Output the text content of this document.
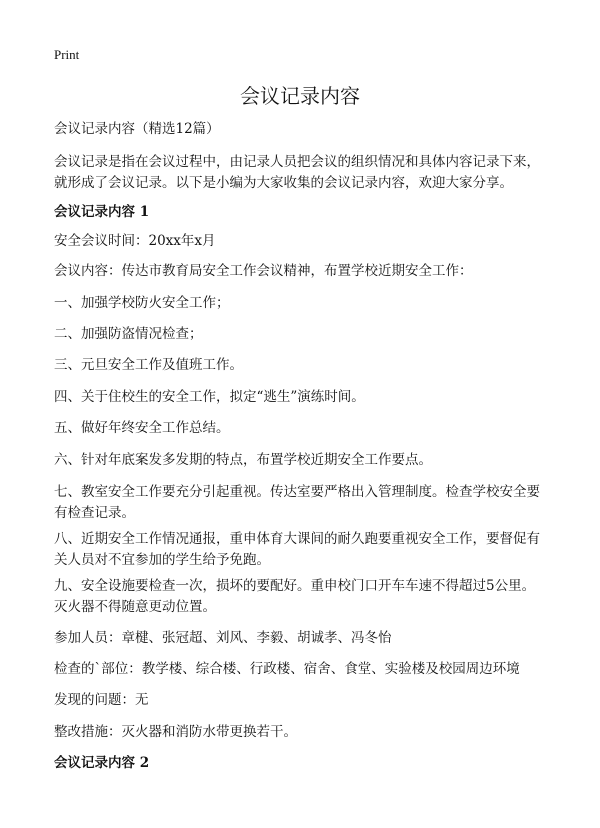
Print
会议记录内容

会议记录内容（精选12篇）

会议记录是指在会议过程中，由记录人员把会议的组织情况和具体内容记录下来，

就形成了会议记录。以下是小编为大家收集的会议记录内容，欢迎大家分享。

会议记录内容 1

安全会议时间：20xx年x月

会议内容：传达市教育局安全工作会议精神，布置学校近期安全工作：

一、加强学校防火安全工作；

二、加强防盗情况检查；

三、元旦安全工作及值班工作。

四、关于住校生的安全工作，拟定“逃生”演练时间。

五、做好年终安全工作总结。

六、针对年底案发多发期的特点，布置学校近期安全工作要点。

七、教室安全工作要充分引起重视。传达室要严格出入管理制度。检查学校安全要

有检查记录。

八、近期安全工作情况通报，重申体育大课间的耐久跑要重视安全工作，要督促有

关人员对不宜参加的学生给予免跑。

九、安全设施要检查一次，损坏的要配好。重申校门口开车车速不得超过5公里。

灭火器不得随意更动位置。

参加人员：章楗、张冠超、刘风、李毅、胡诚孝、冯冬怡

检查的`部位：教学楼、综合楼、行政楼、宿舍、食堂、实验楼及校园周边环境

发现的问题：无

整改措施：灭火器和消防水带更换若干。

会议记录内容 2
